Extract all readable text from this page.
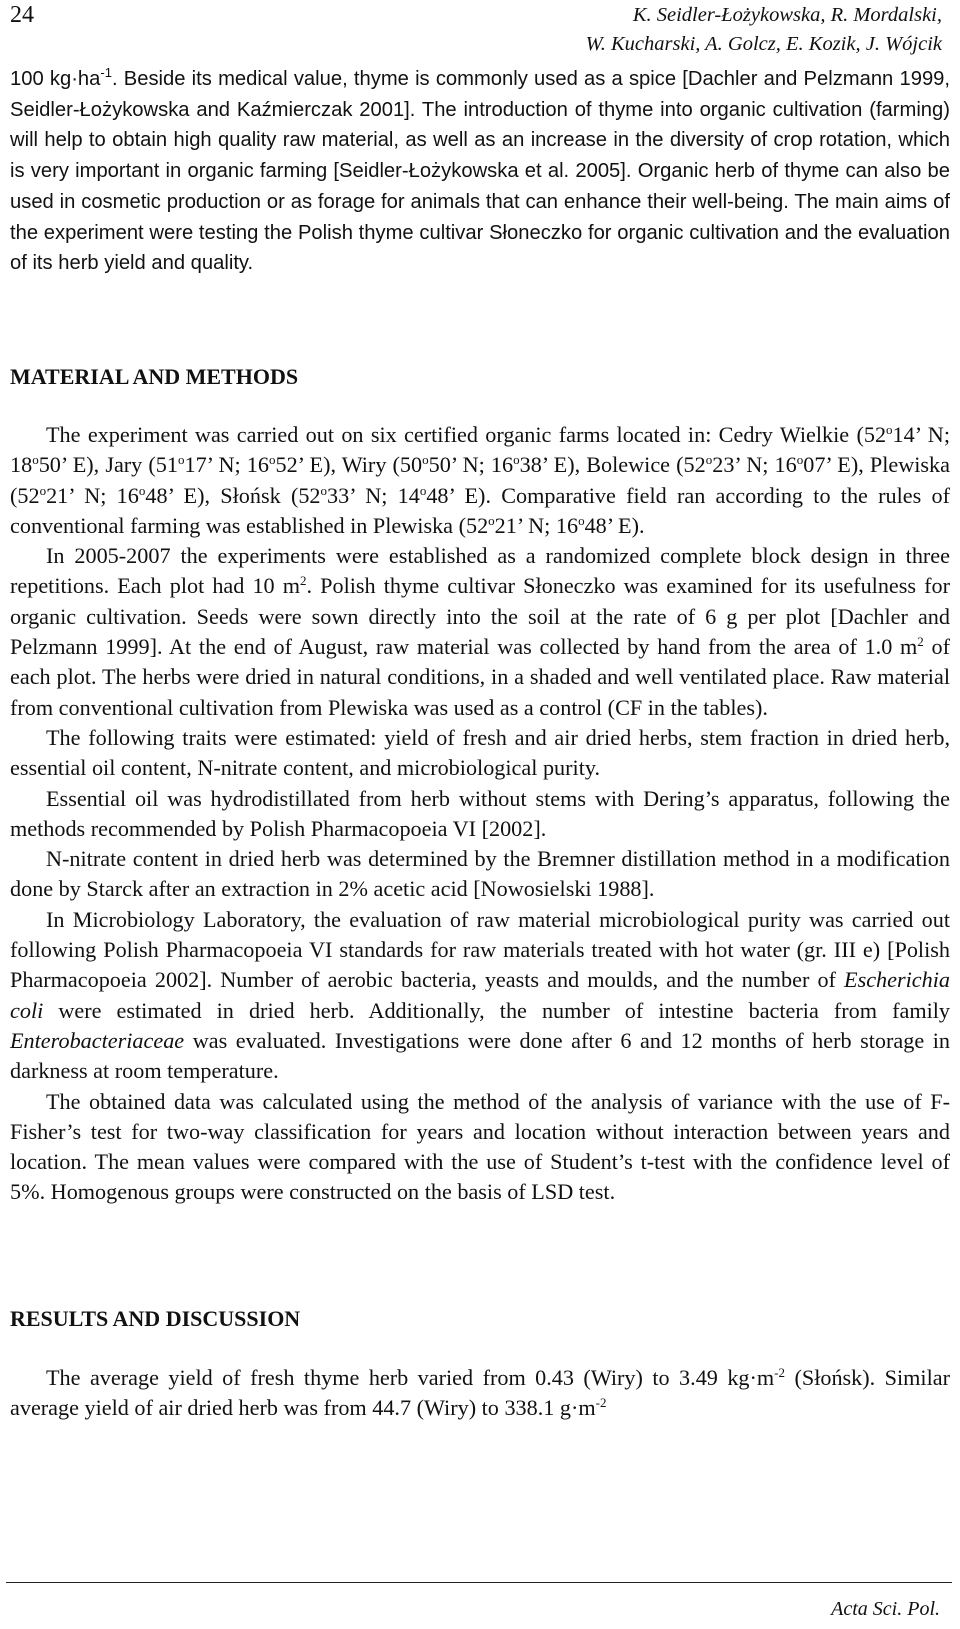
24	K. Seidler-Łożykowska, R. Mordalski,
W. Kucharski, A. Golcz, E. Kozik, J. Wójcik

100 $kg\cdot ha^{-1}$. Beside its medical value, thyme is commonly used as a spice [Dachler and Pelzmann 1999, Seidler-Łożykowska and Kaźmierczak 2001]. The introduction of thyme into organic cultivation (farming) will help to obtain high quality raw material, as well as an increase in the diversity of crop rotation, which is very important in organic farming [Seidler-Łożykowska et al. 2005]. Organic herb of thyme can also be used in cosmetic production or as forage for animals that can enhance their well-being. The main aims of the experiment were testing the Polish thyme cultivar Słoneczko for organic cultivation and the evaluation of its herb yield and quality.

MATERIAL AND METHODS

The experiment was carried out on six certified organic farms located in: Cedry Wielkie (52$^o$14’ N; 18$^o$50’ E), Jary (51$^o$17’ N; 16$^o$52’ E), Wiry (50$^o$50’ N; 16$^o$38’ E), Bolewice (52$^o$23’ N; 16$^o$07’ E), Plewiska (52$^o$21’ N; 16$^o$48’ E), Słońsk (52$^o$33’ N; 14$^o$48’ E). Comparative field ran according to the rules of conventional farming was established in Plewiska (52$^o$21’ N; 16$^o$48’ E).

In 2005-2007 the experiments were established as a randomized complete block design in three repetitions. Each plot had 10 $m^2$. Polish thyme cultivar Słoneczko was examined for its usefulness for organic cultivation. Seeds were sown directly into the soil at the rate of 6 g per plot [Dachler and Pelzmann 1999]. At the end of August, raw material was collected by hand from the area of 1.0 $m^2$ of each plot. The herbs were dried in natural conditions, in a shaded and well ventilated place. Raw material from conventional cultivation from Plewiska was used as a control (CF in the tables).

The following traits were estimated: yield of fresh and air dried herbs, stem fraction in dried herb, essential oil content, N-nitrate content, and microbiological purity.

Essential oil was hydrodistillated from herb without stems with Dering’s apparatus, following the methods recommended by Polish Pharmacopoeia VI [2002].

N-nitrate content in dried herb was determined by the Bremner distillation method in a modification done by Starck after an extraction in 2% acetic acid [Nowosielski 1988].

In Microbiology Laboratory, the evaluation of raw material microbiological purity was carried out following Polish Pharmacopoeia VI standards for raw materials treated with hot water (gr. III e) [Polish Pharmacopoeia 2002]. Number of aerobic bacteria, yeasts and moulds, and the number of Escherichia coli were estimated in dried herb. Additionally, the number of intestine bacteria from family Enterobacteriaceae was evaluated. Investigations were done after 6 and 12 months of herb storage in darkness at room temperature.

The obtained data was calculated using the method of the analysis of variance with the use of F-Fisher’s test for two-way classification for years and location without interaction between years and location. The mean values were compared with the use of Student’s t-test with the confidence level of 5%. Homogenous groups were constructed on the basis of LSD test.

RESULTS AND DISCUSSION

The average yield of fresh thyme herb varied from 0.43 (Wiry) to 3.49 $kg\cdot m^{-2}$ (Słońsk). Similar average yield of air dried herb was from 44.7 (Wiry) to 338.1 $g\cdot m^{-2}$

Acta Sci. Pol.
